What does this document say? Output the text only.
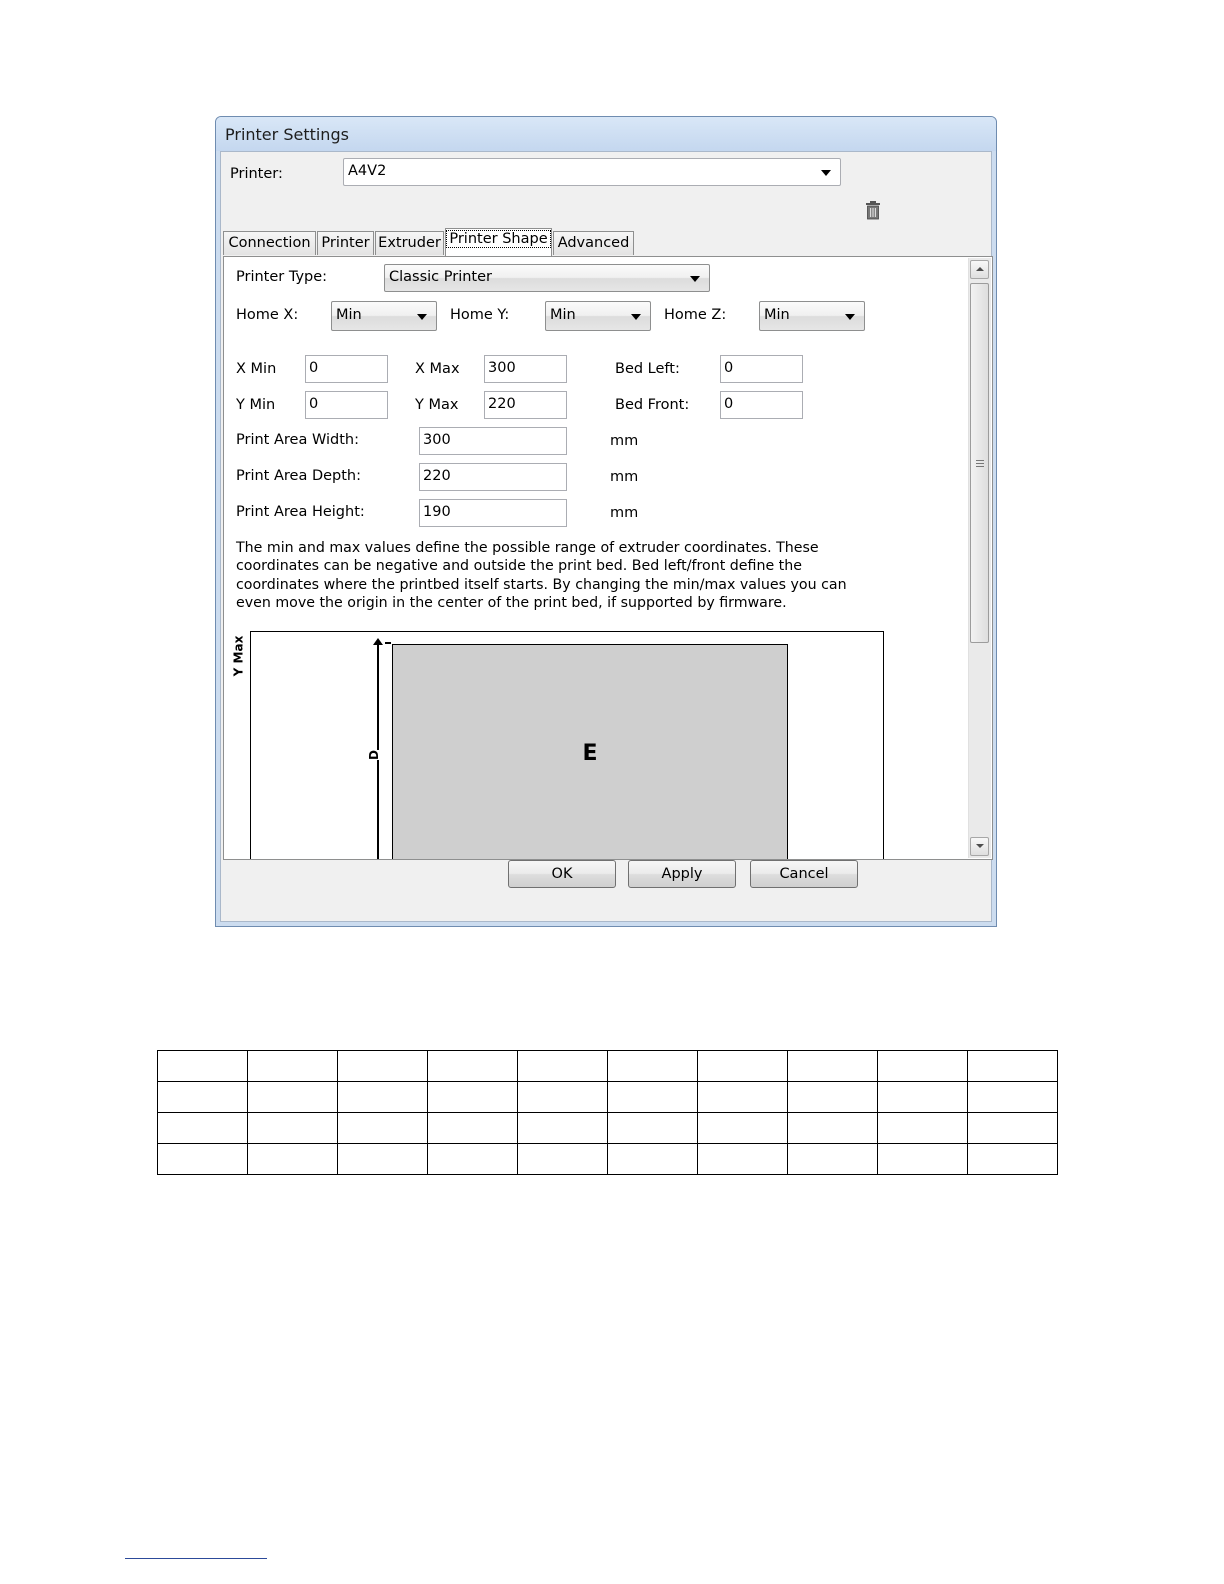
Printer Settings
Printer:	A4V2
Connection Printer Extruder Printer Shape Advanced
Printer Type:	Classic Printer
Home X:	Min	Home Y:	Min	Home Z:	Min
X Min 0	X Max 300	Bed Left:	0
Y Min 0	Y Max 220	Bed Front: 0
Print Area Width:	300	mm
Print Area Depth:	220	mm
Print Area Height:	190	mm

The min and max values define the possible range of extruder coordinates. These coordinates can be negative and outside the print bed. Bed left/front define the coordinates where the printbed itself starts. By changing the min/max values you can even move the origin in the center of the print bed, if supported by firmware.

Y Max
D	E
OK	Apply	Cancel
